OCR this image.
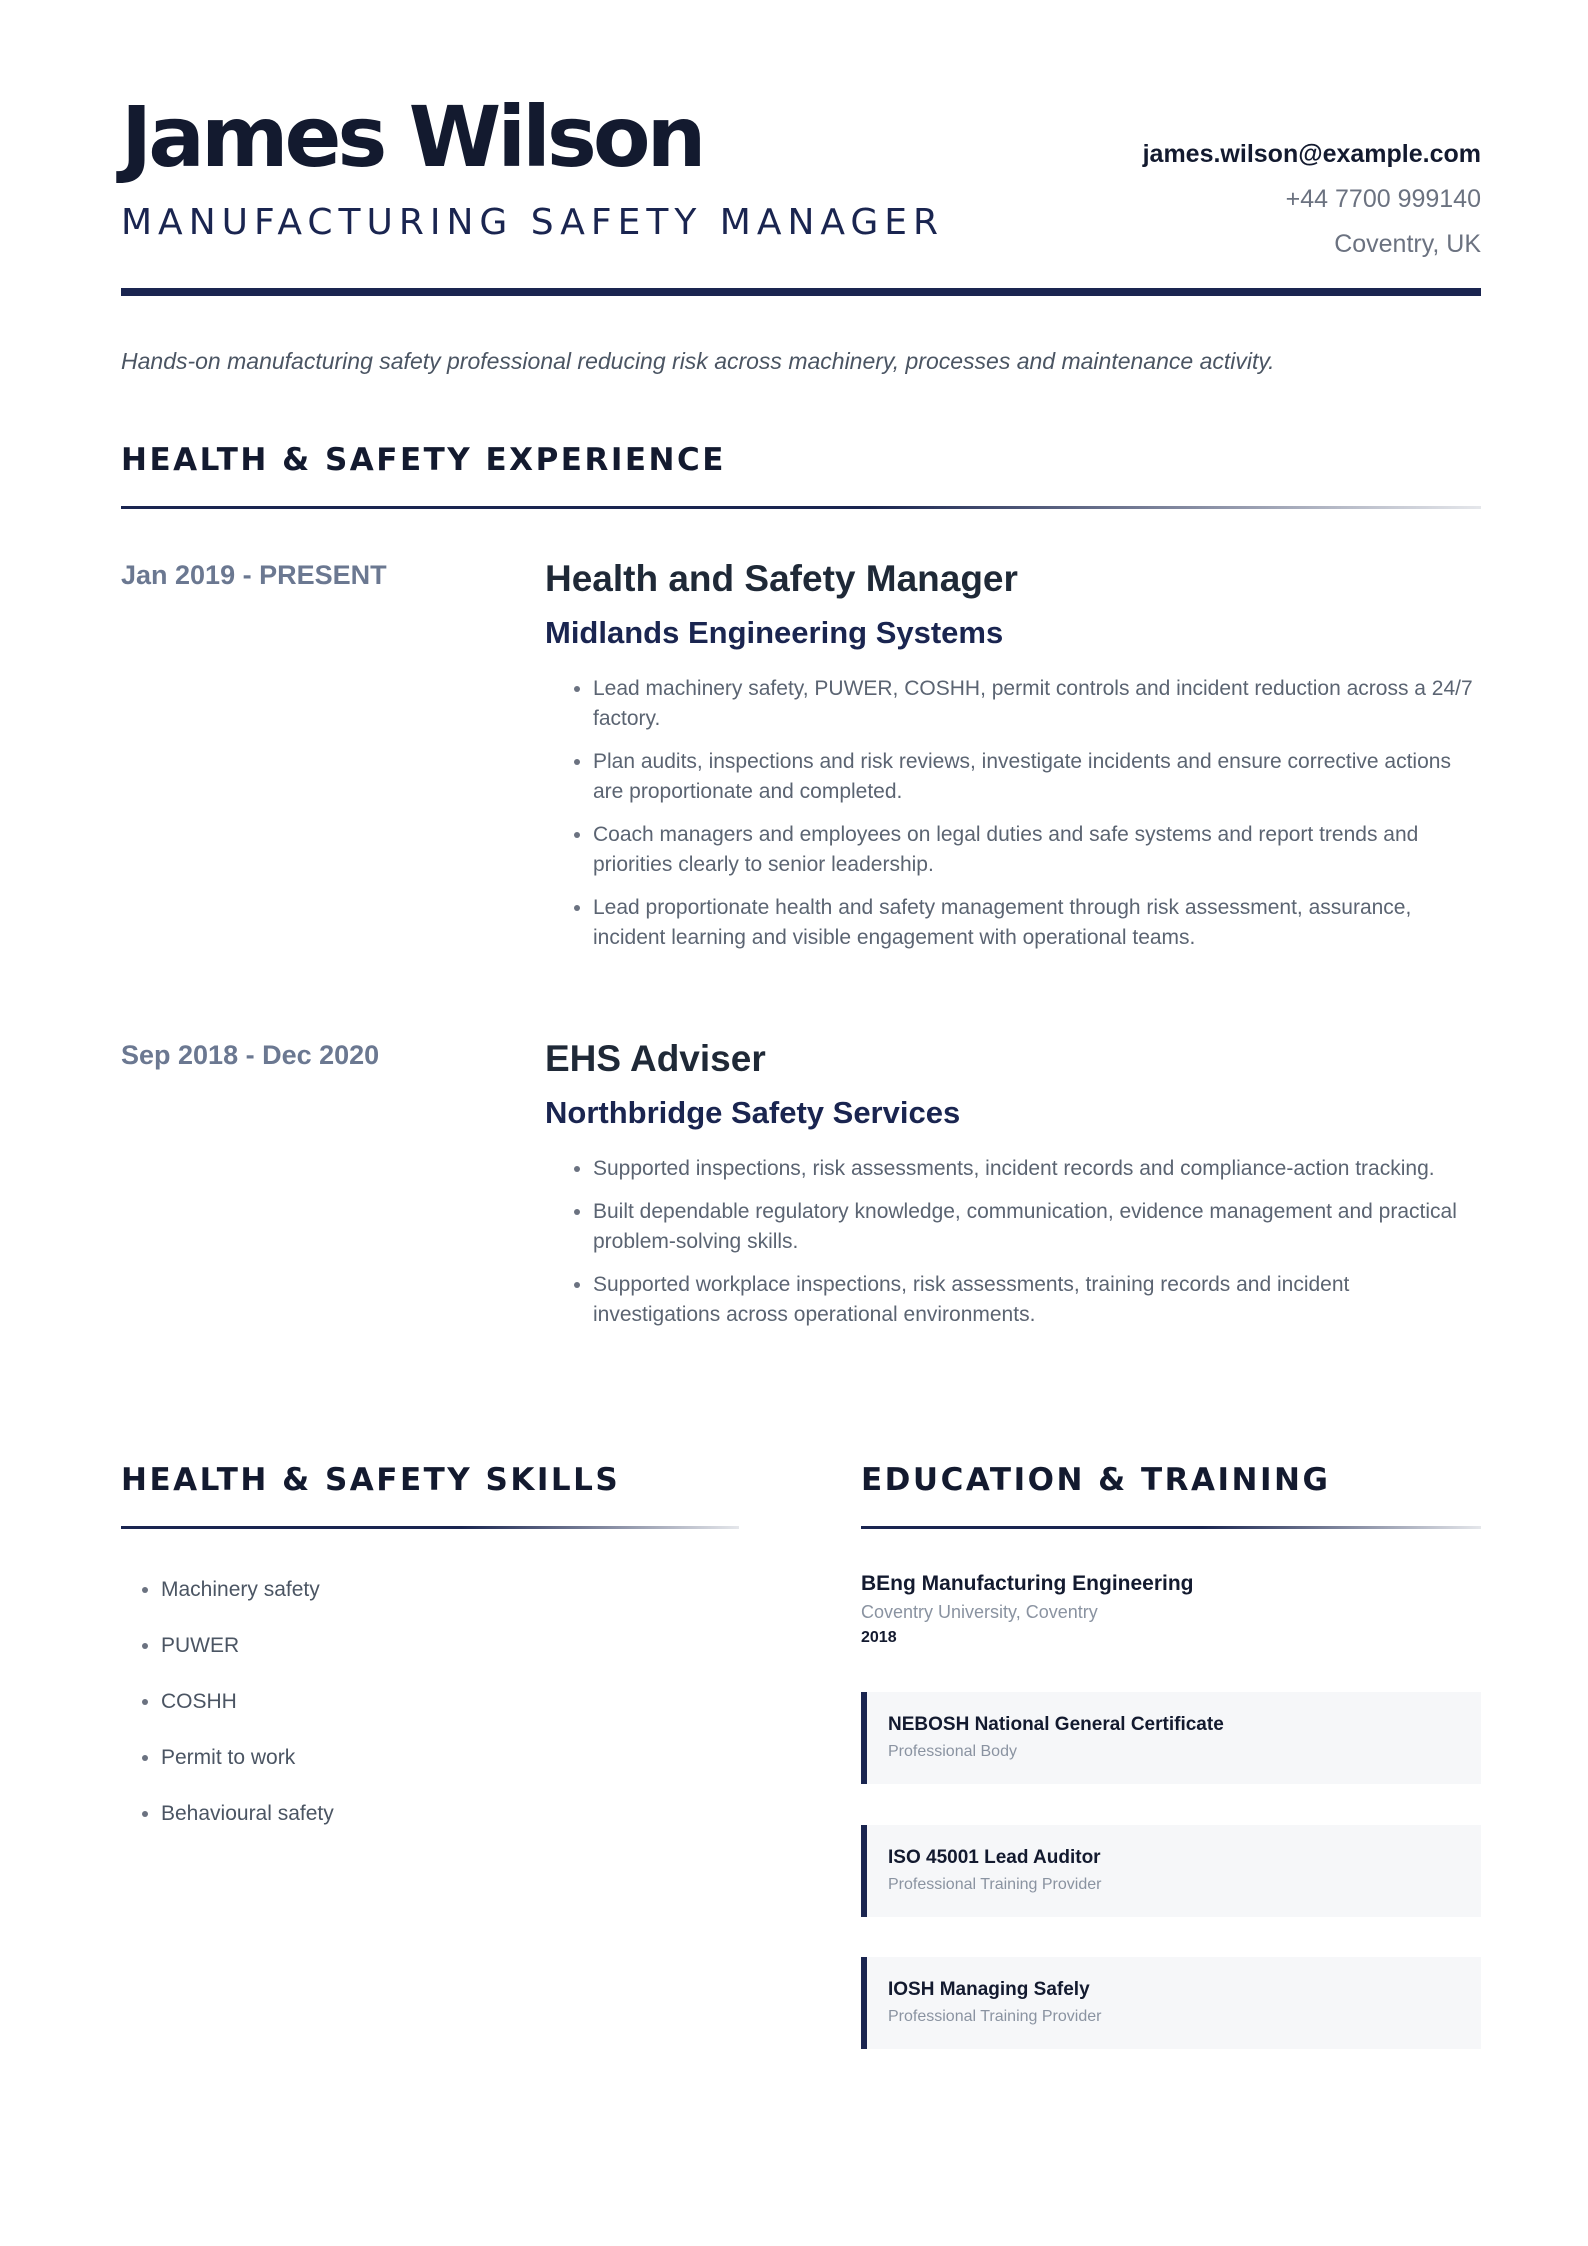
James Wilson
MANUFACTURING SAFETY MANAGER
james.wilson@example.com
+44 7700 999140
Coventry, UK
Hands-on manufacturing safety professional reducing risk across machinery, processes and maintenance activity.
HEALTH & SAFETY EXPERIENCE
Jan 2019 - PRESENT	Health and Safety Manager
Midlands Engineering Systems
• Lead machinery safety, PUWER, COSHH, permit controls and incident reduction across a 24/7 factory.
• Plan audits, inspections and risk reviews, investigate incidents and ensure corrective actions are proportionate and completed.
• Coach managers and employees on legal duties and safe systems and report trends and priorities clearly to senior leadership.
• Lead proportionate health and safety management through risk assessment, assurance, incident learning and visible engagement with operational teams.
Sep 2018 - Dec 2020	EHS Adviser
Northbridge Safety Services
• Supported inspections, risk assessments, incident records and compliance-action tracking.
• Built dependable regulatory knowledge, communication, evidence management and practical problem-solving skills.
• Supported workplace inspections, risk assessments, training records and incident investigations across operational environments.
HEALTH & SAFETY SKILLS
• Machinery safety
• PUWER
• COSHH
• Permit to work
• Behavioural safety
EDUCATION & TRAINING
BEng Manufacturing Engineering
Coventry University, Coventry
2018
NEBOSH National General Certificate
Professional Body
ISO 45001 Lead Auditor
Professional Training Provider
IOSH Managing Safely
Professional Training Provider
